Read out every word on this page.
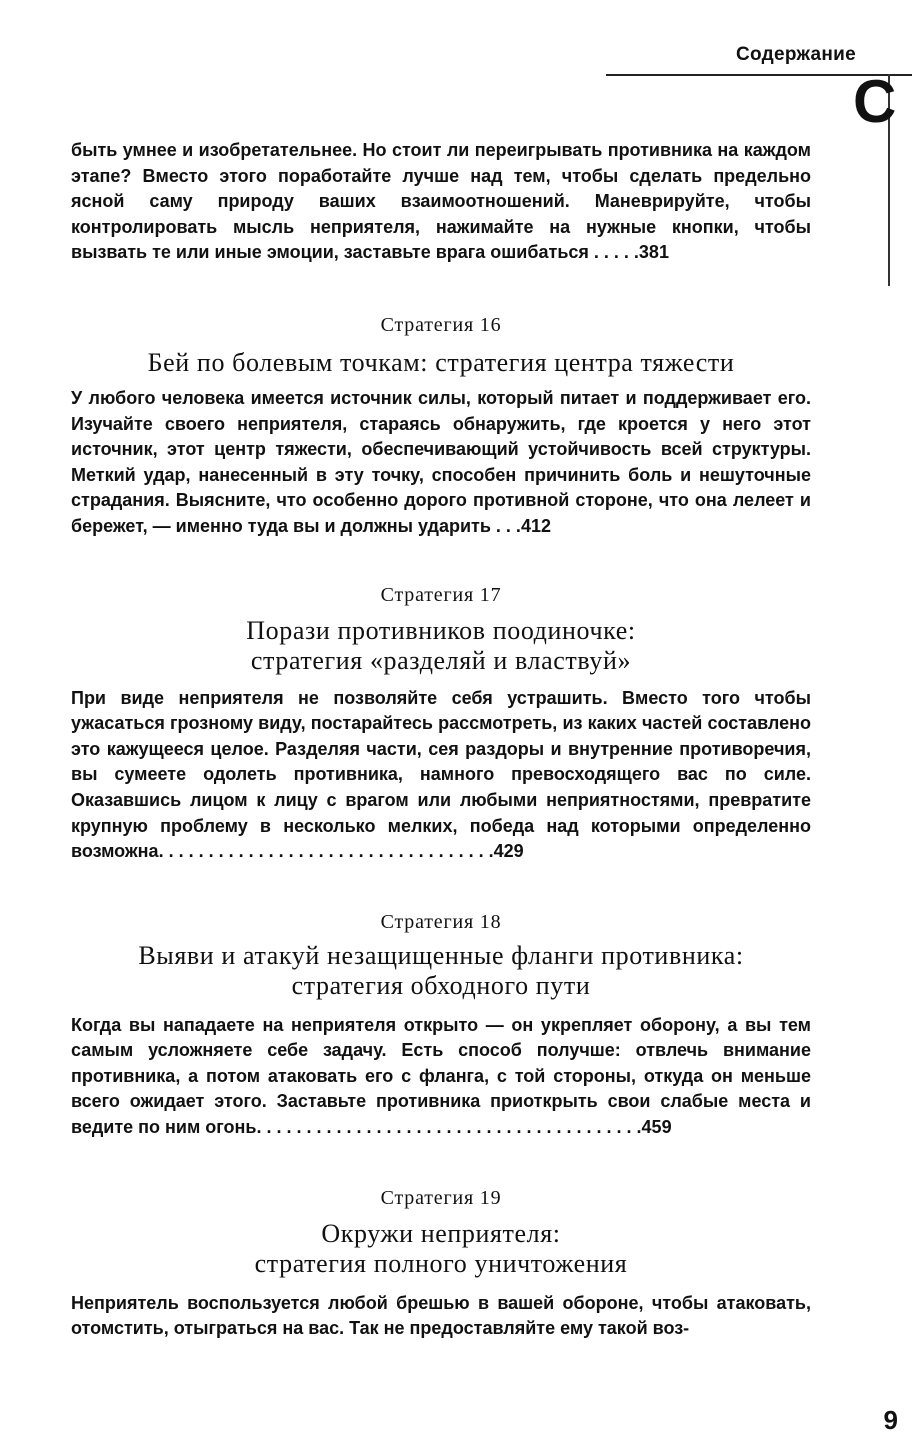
Содержание
C

быть умнее и изобретательнее. Но стоит ли переигрывать противника на каждом этапе? Вместо этого поработайте лучше над тем, чтобы сделать предельно ясной саму природу ваших взаимоотношений. Маневрируйте, чтобы контролировать мысль неприятеля, нажимайте на нужные кнопки, чтобы вызвать те или иные эмоции, заставьте врага ошибаться . . . . .381

Стратегия 16

Бей по болевым точкам: стратегия центра тяжести

У любого человека имеется источник силы, который питает и поддерживает его. Изучайте своего неприятеля, стараясь обнаружить, где кроется у него этот источник, этот центр тяжести, обеспечивающий устойчивость всей структуры. Меткий удар, нанесенный в эту точку, способен причинить боль и нешуточные страдания. Выясните, что особенно дорого противной стороне, что она лелеет и бережет, — именно туда вы и должны ударить . . .412

Стратегия 17

Порази противников поодиночке:

стратегия «разделяй и властвуй»

При виде неприятеля не позволяйте себя устрашить. Вместо того чтобы ужасаться грозному виду, постарайтесь рассмотреть, из каких частей составлено это кажущееся целое. Разделяя части, сея раздоры и внутренние противоречия, вы сумеете одолеть противника, намного превосходящего вас по силе. Оказавшись лицом к лицу с врагом или любыми неприятностями, превратите крупную проблему в несколько мелких, победа над которыми определенно возможна. . . . . . . . . . . . . . . . . . . . . . . . . . . . . . . . . .429

Стратегия 18

Выяви и атакуй незащищенные фланги противника:

стратегия обходного пути

Когда вы нападаете на неприятеля открыто — он укрепляет оборону, а вы тем самым усложняете себе задачу. Есть способ получше: отвлечь внимание противника, а потом атаковать его с фланга, с той стороны, откуда он меньше всего ожидает этого. Заставьте противника приоткрыть свои слабые места и ведите по ним огонь. . . . . . . . . . . . . . . . . . . . . . . . . . . . . . . . . . . . . . .459

Стратегия 19

Окружи неприятеля:

стратегия полного уничтожения

Неприятель воспользуется любой брешью в вашей обороне, чтобы атаковать, отомстить, отыграться на вас. Так не предоставляйте ему такой воз-

9
